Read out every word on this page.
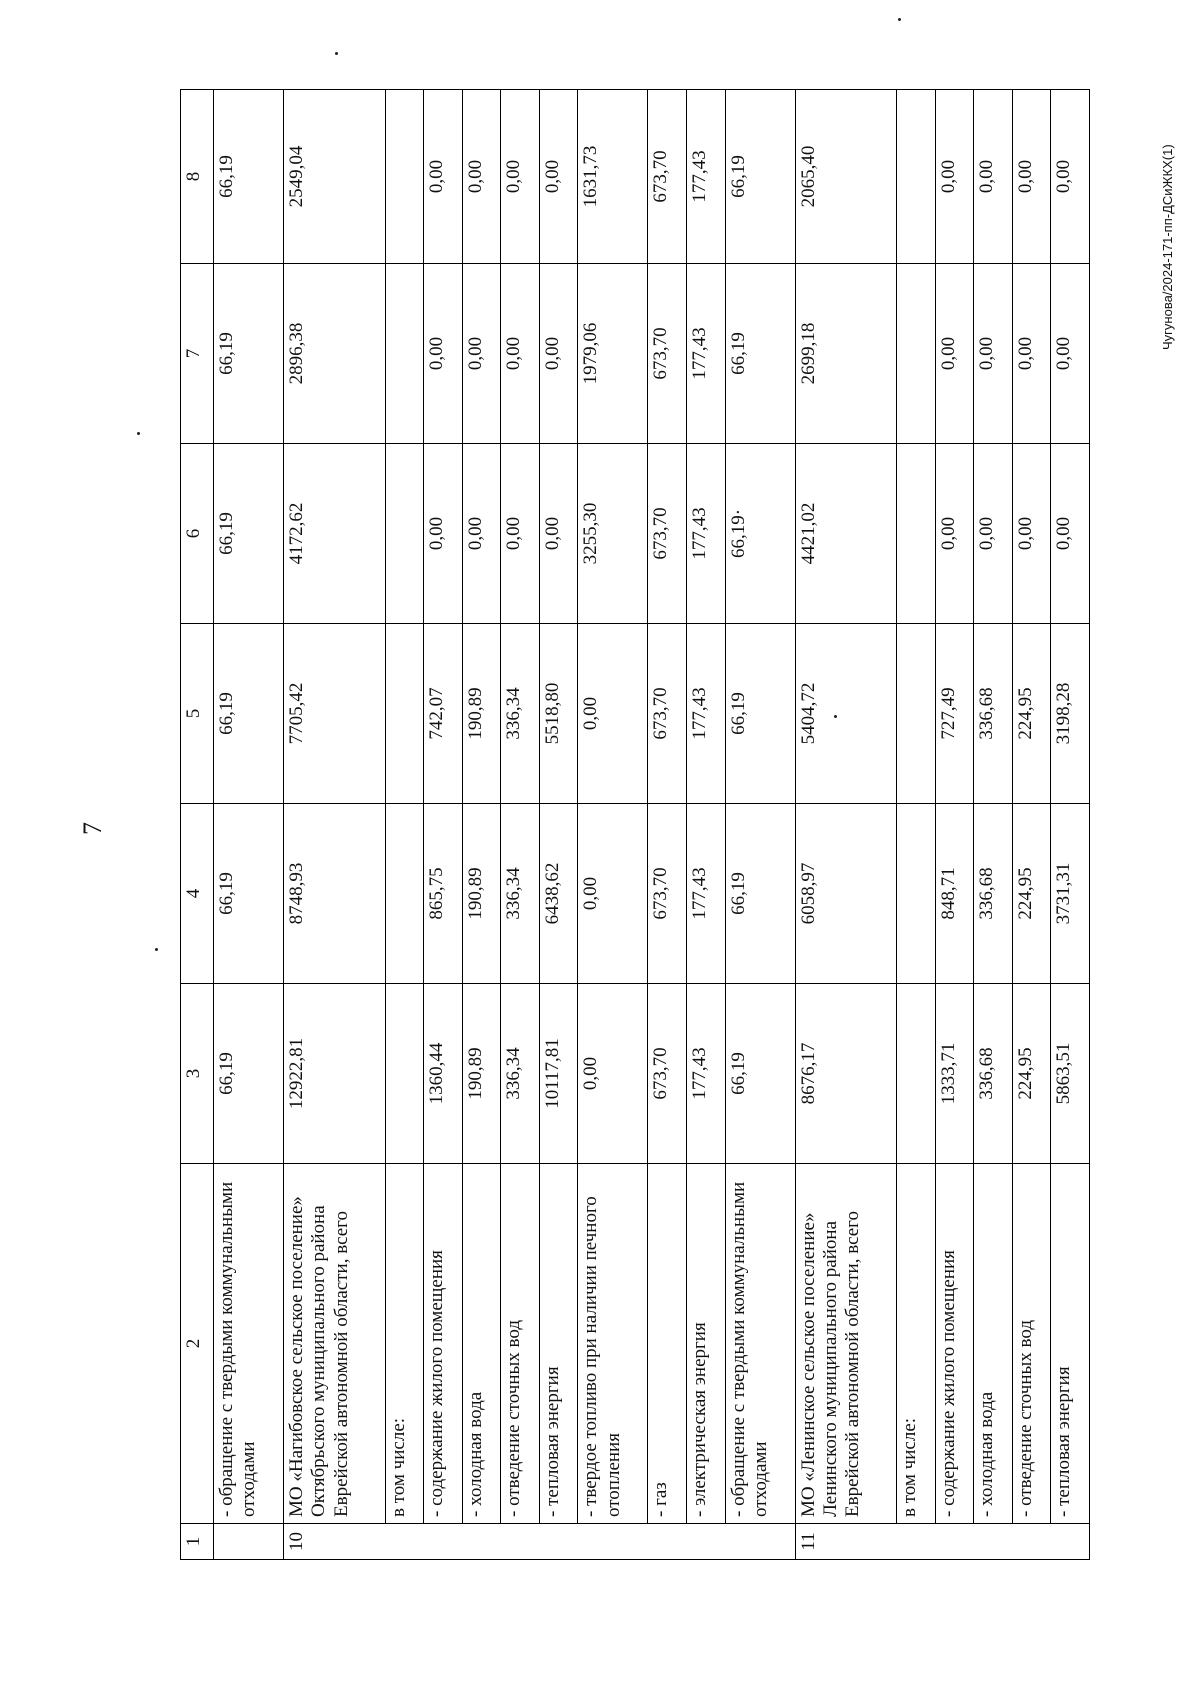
7
Чугунова/2024-171-пп-ДСиЖКХ(1)
1	2	3	4	5	6	7	8
	- обращение с твердыми коммунальными отходами	66,19	66,19	66,19	66,19	66,19	66,19
10	МО «Нагибовское сельское поселение» Октябрьского муниципального района Еврейской автономной области, всего	12922,81	8748,93	7705,42	4172,62	2896,38	2549,04
	в том числе:						
	- содержание жилого помещения	1360,44	865,75	742,07	0,00	0,00	0,00
	- холодная вода	190,89	190,89	190,89	0,00	0,00	0,00
	- отведение сточных вод	336,34	336,34	336,34	0,00	0,00	0,00
	- тепловая энергия	10117,81	6438,62	5518,80	0,00	0,00	0,00
	- твердое топливо при наличии печного отопления	0,00	0,00	0,00	3255,30	1979,06	1631,73
	- газ	673,70	673,70	673,70	673,70	673,70	673,70
	- электрическая энергия	177,43	177,43	177,43	177,43	177,43	177,43
	- обращение с твердыми коммунальными отходами	66,19	66,19	66,19	66,19·	66,19	66,19
11	МО «Ленинское сельское поселение» Ленинского муниципального района Еврейской автономной области, всего	8676,17	6058,97	5404,72	4421,02	2699,18	2065,40
	в том числе:						
	- содержание жилого помещения	1333,71	848,71	727,49	0,00	0,00	0,00
	- холодная вода	336,68	336,68	336,68	0,00	0,00	0,00
	- отведение сточных вод	224,95	224,95	224,95	0,00	0,00	0,00
	- тепловая энергия	5863,51	3731,31	3198,28	0,00	0,00	0,00
